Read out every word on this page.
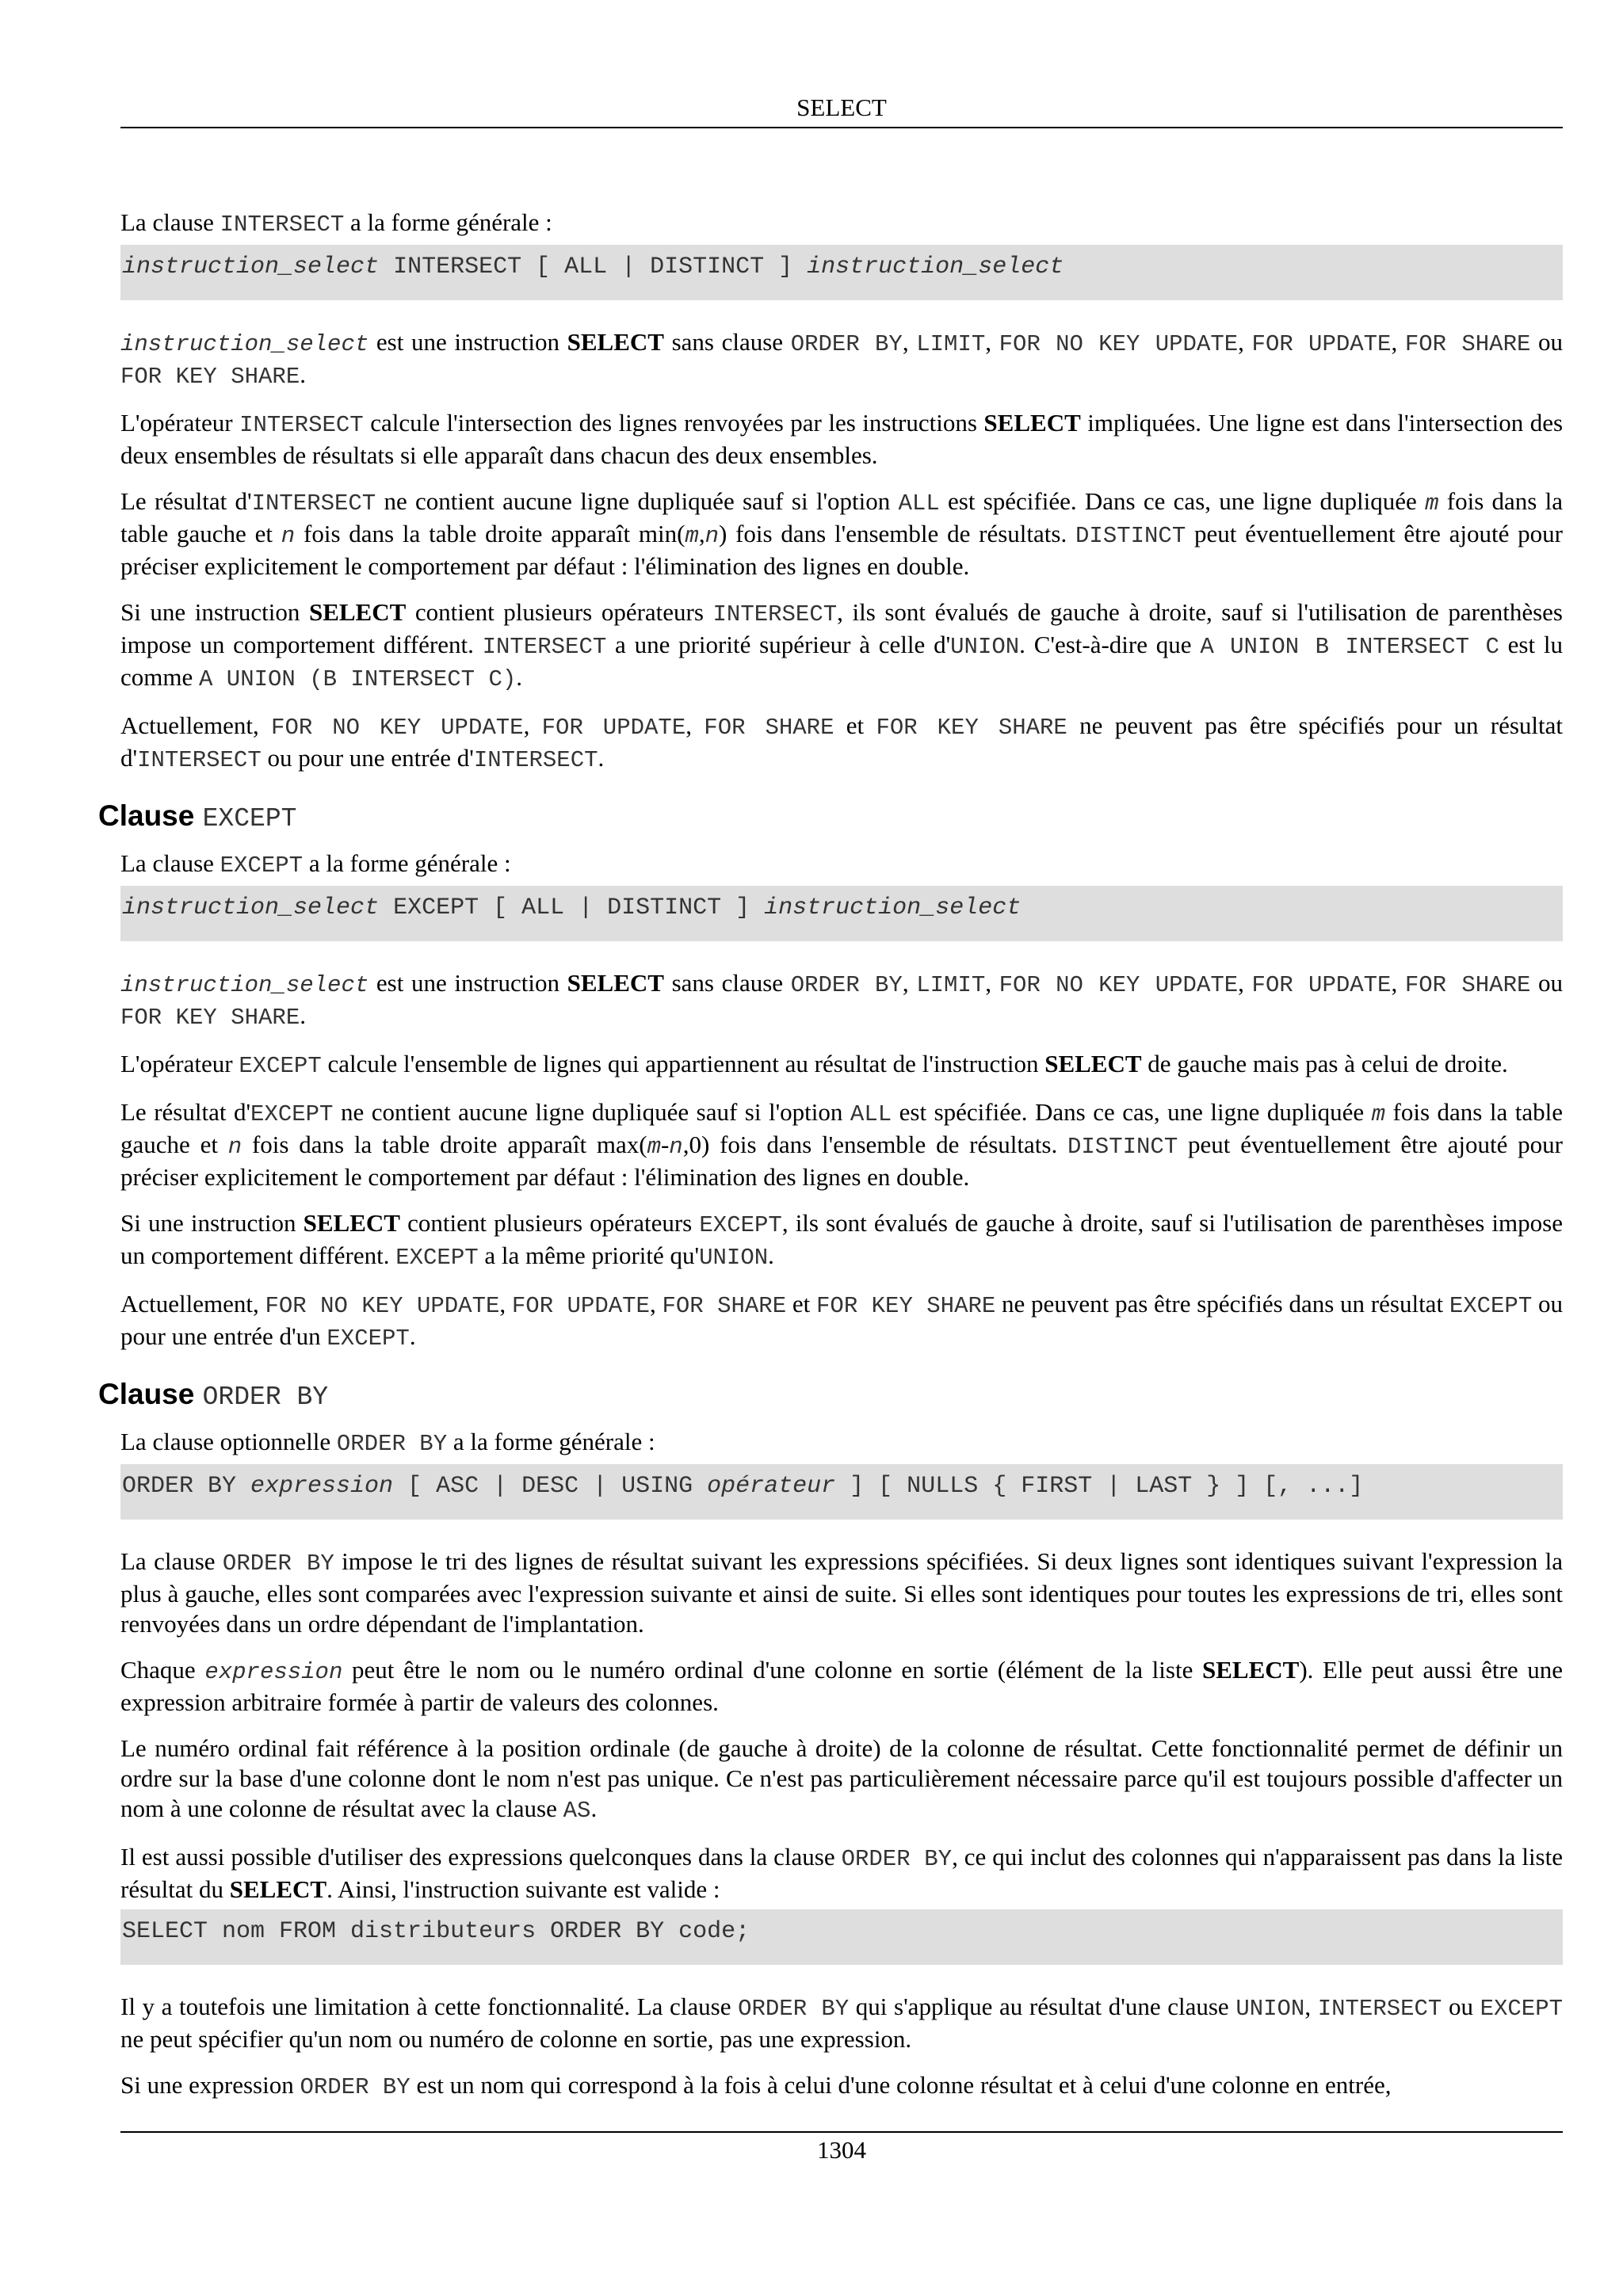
SELECT

La clause INTERSECT a la forme générale :

instruction_select INTERSECT [ ALL | DISTINCT ] instruction_select

instruction_select est une instruction SELECT sans clause ORDER BY, LIMIT, FOR NO KEY UPDATE, FOR UPDATE, FOR SHARE ou FOR KEY SHARE.

L'opérateur INTERSECT calcule l'intersection des lignes renvoyées par les instructions SELECT impliquées. Une ligne est dans l'intersection des deux ensembles de résultats si elle apparaît dans chacun des deux ensembles.

Le résultat d'INTERSECT ne contient aucune ligne dupliquée sauf si l'option ALL est spécifiée. Dans ce cas, une ligne dupliquée m fois dans la table gauche et n fois dans la table droite apparaît min(m,n) fois dans l'ensemble de résultats. DISTINCT peut éventuellement être ajouté pour préciser explicitement le comportement par défaut : l'élimination des lignes en double.

Si une instruction SELECT contient plusieurs opérateurs INTERSECT, ils sont évalués de gauche à droite, sauf si l'utilisation de parenthèses impose un comportement différent. INTERSECT a une priorité supérieur à celle d'UNION. C'est-à-dire que A UNION B INTERSECT C est lu comme A UNION (B INTERSECT C).

Actuellement, FOR NO KEY UPDATE, FOR UPDATE, FOR SHARE et FOR KEY SHARE ne peuvent pas être spécifiés pour un résultat d'INTERSECT ou pour une entrée d'INTERSECT.

Clause EXCEPT

La clause EXCEPT a la forme générale :

instruction_select EXCEPT [ ALL | DISTINCT ] instruction_select

instruction_select est une instruction SELECT sans clause ORDER BY, LIMIT, FOR NO KEY UPDATE, FOR UPDATE, FOR SHARE ou FOR KEY SHARE.

L'opérateur EXCEPT calcule l'ensemble de lignes qui appartiennent au résultat de l'instruction SELECT de gauche mais pas à celui de droite.

Le résultat d'EXCEPT ne contient aucune ligne dupliquée sauf si l'option ALL est spécifiée. Dans ce cas, une ligne dupliquée m fois dans la table gauche et n fois dans la table droite apparaît max(m-n,0) fois dans l'ensemble de résultats. DISTINCT peut éventuellement être ajouté pour préciser explicitement le comportement par défaut : l'élimination des lignes en double.

Si une instruction SELECT contient plusieurs opérateurs EXCEPT, ils sont évalués de gauche à droite, sauf si l'utilisation de parenthèses impose un comportement différent. EXCEPT a la même priorité qu'UNION.

Actuellement, FOR NO KEY UPDATE, FOR UPDATE, FOR SHARE et FOR KEY SHARE ne peuvent pas être spécifiés dans un résultat EXCEPT ou pour une entrée d'un EXCEPT.

Clause ORDER BY

La clause optionnelle ORDER BY a la forme générale :

ORDER BY expression [ ASC | DESC | USING opérateur ] [ NULLS { FIRST | LAST } ] [, ...]

La clause ORDER BY impose le tri des lignes de résultat suivant les expressions spécifiées. Si deux lignes sont identiques suivant l'expression la plus à gauche, elles sont comparées avec l'expression suivante et ainsi de suite. Si elles sont identiques pour toutes les expressions de tri, elles sont renvoyées dans un ordre dépendant de l'implantation.

Chaque expression peut être le nom ou le numéro ordinal d'une colonne en sortie (élément de la liste SELECT). Elle peut aussi être une expression arbitraire formée à partir de valeurs des colonnes.

Le numéro ordinal fait référence à la position ordinale (de gauche à droite) de la colonne de résultat. Cette fonctionnalité permet de définir un ordre sur la base d'une colonne dont le nom n'est pas unique. Ce n'est pas particulièrement nécessaire parce qu'il est toujours possible d'affecter un nom à une colonne de résultat avec la clause AS.

Il est aussi possible d'utiliser des expressions quelconques dans la clause ORDER BY, ce qui inclut des colonnes qui n'apparaissent pas dans la liste résultat du SELECT. Ainsi, l'instruction suivante est valide :

SELECT nom FROM distributeurs ORDER BY code;

Il y a toutefois une limitation à cette fonctionnalité. La clause ORDER BY qui s'applique au résultat d'une clause UNION, INTERSECT ou EXCEPT ne peut spécifier qu'un nom ou numéro de colonne en sortie, pas une expression.

Si une expression ORDER BY est un nom qui correspond à la fois à celui d'une colonne résultat et à celui d'une colonne en entrée,

1304
